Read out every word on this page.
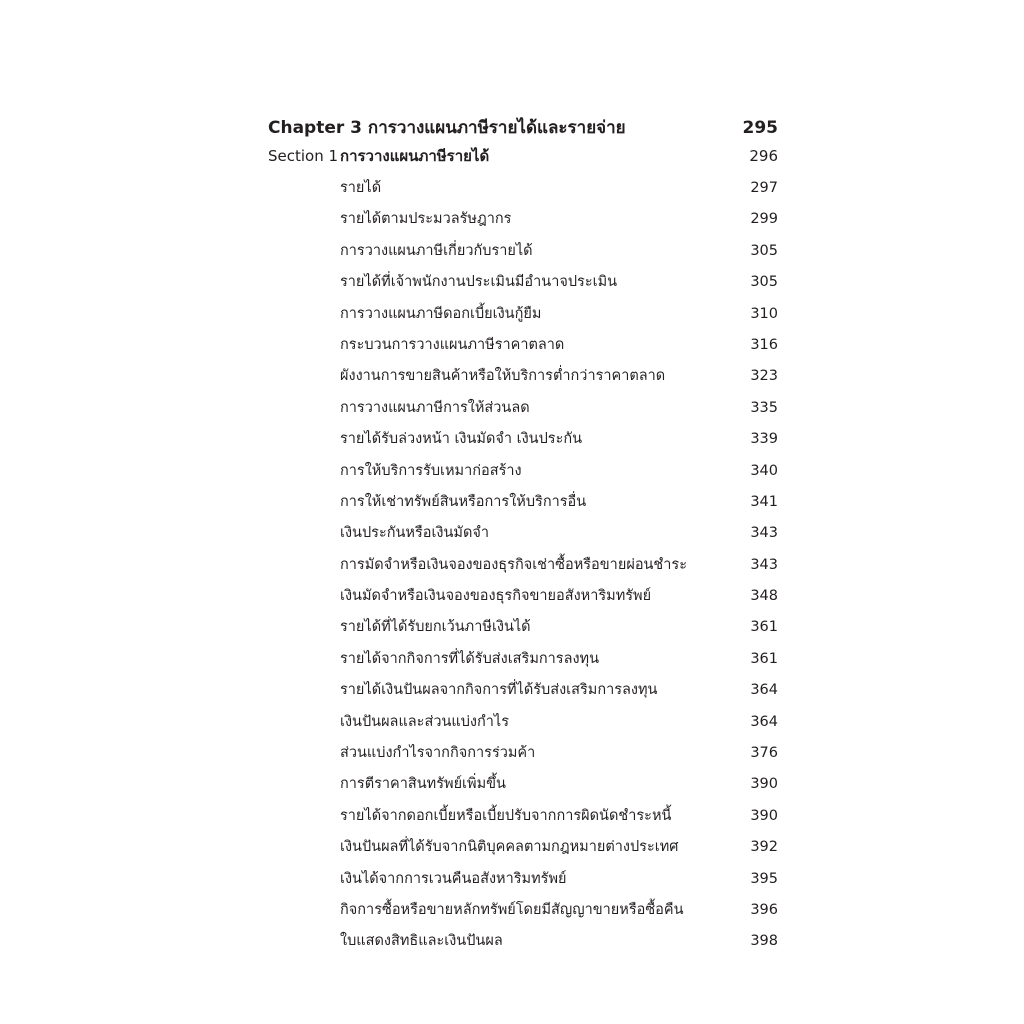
Chapter 3 การวางแผนภาษีรายได้และรายจ่าย	295
Section 1 การวางแผนภาษีรายได้	296
รายได้	297
รายได้ตามประมวลรัษฎากร	299
การวางแผนภาษีเกี่ยวกับรายได้	305
รายได้ที่เจ้าพนักงานประเมินมีอำนาจประเมิน	305
การวางแผนภาษีดอกเบี้ยเงินกู้ยืม	310
กระบวนการวางแผนภาษีราคาตลาด	316
ผังงานการขายสินค้าหรือให้บริการต่ำกว่าราคาตลาด	323
การวางแผนภาษีการให้ส่วนลด	335
รายได้รับล่วงหน้า เงินมัดจำ เงินประกัน	339
การให้บริการรับเหมาก่อสร้าง	340
การให้เช่าทรัพย์สินหรือการให้บริการอื่น	341
เงินประกันหรือเงินมัดจำ	343
การมัดจำหรือเงินจองของธุรกิจเช่าซื้อหรือขายผ่อนชำระ	343
เงินมัดจำหรือเงินจองของธุรกิจขายอสังหาริมทรัพย์	348
รายได้ที่ได้รับยกเว้นภาษีเงินได้	361
รายได้จากกิจการที่ได้รับส่งเสริมการลงทุน	361
รายได้เงินปันผลจากกิจการที่ได้รับส่งเสริมการลงทุน	364
เงินปันผลและส่วนแบ่งกำไร	364
ส่วนแบ่งกำไรจากกิจการร่วมค้า	376
การตีราคาสินทรัพย์เพิ่มขึ้น	390
รายได้จากดอกเบี้ยหรือเบี้ยปรับจากการผิดนัดชำระหนี้	390
เงินปันผลที่ได้รับจากนิติบุคคลตามกฎหมายต่างประเทศ	392
เงินได้จากการเวนคืนอสังหาริมทรัพย์	395
กิจการซื้อหรือขายหลักทรัพย์โดยมีสัญญาขายหรือซื้อคืน	396
ใบแสดงสิทธิและเงินปันผล	398
